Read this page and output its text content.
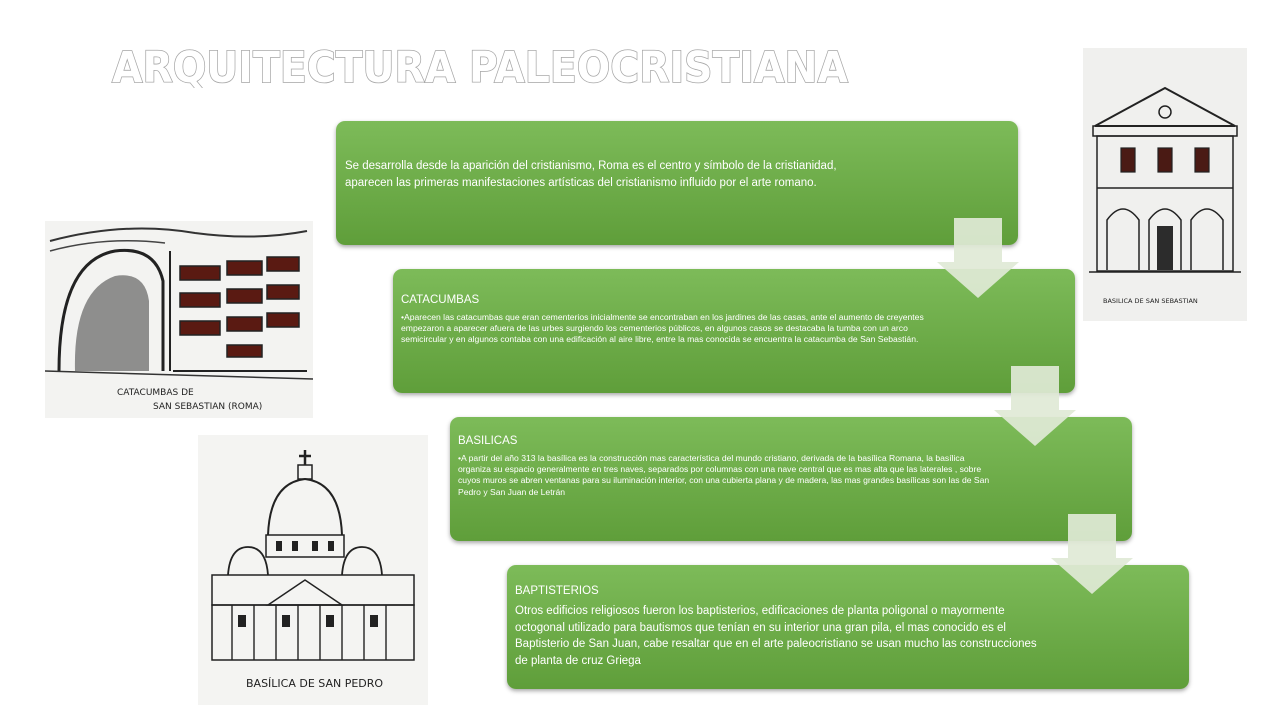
ARQUITECTURA PALEOCRISTIANA
CATACUMBAS DE
SAN SEBASTIAN (ROMA)
BASILICA DE SAN SEBASTIAN
BASÍLICA DE SAN PEDRO
Se desarrolla desde la aparición del cristianismo, Roma es el centro y símbolo de la cristianidad, aparecen las primeras manifestaciones artísticas del cristianismo influido por el arte romano.
CATACUMBAS
•Aparecen las catacumbas que eran cementerios inicialmente se encontraban en los jardines de las casas, ante el aumento de creyentes empezaron a aparecer afuera de las urbes surgiendo los cementerios públicos, en algunos casos se destacaba la tumba con un arco semicircular y en algunos contaba con una edificación al aire libre, entre la mas conocida se encuentra la catacumba de San Sebastián.
BASILICAS
•A partir del año 313 la basílica es la construcción mas característica del mundo cristiano, derivada de la basílica Romana, la basílica organiza su espacio generalmente en tres naves, separados por columnas con una nave central que es mas alta que las laterales , sobre cuyos muros se abren ventanas para su iluminación interior, con una cubierta plana y de madera, las mas grandes basílicas son las de San Pedro y San Juan de Letrán
BAPTISTERIOS
Otros edificios religiosos fueron los baptisterios, edificaciones de planta poligonal o mayormente octogonal utilizado para bautismos que tenían en su interior una gran pila, el mas conocido es el Baptisterio de San Juan, cabe resaltar que en el arte paleocristiano se usan mucho las construcciones de planta de cruz Griega
